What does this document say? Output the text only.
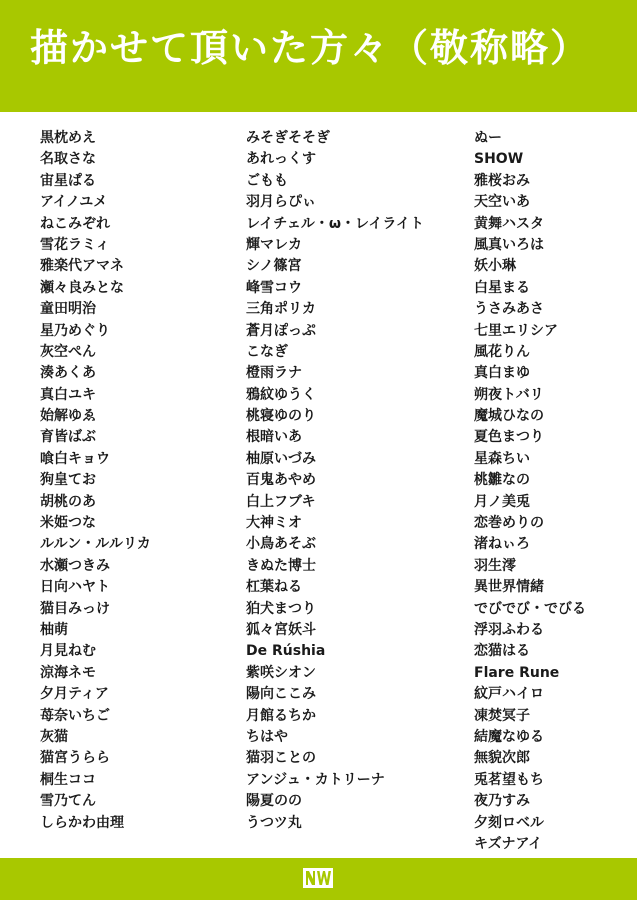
描かせて頂いた方々（敬称略）
黒枕めえ
名取さな
宙星ぱる
アイノユメ
ねこみぞれ
雪花ラミィ
雅楽代アマネ
瀬々良みとな
童田明治
星乃めぐり
灰空ぺん
湊あくあ
真白ユキ
始解ゆゑ
育皆ばぶ
喰白キョウ
狗皇てお
胡桃のあ
米姫つな
ルルン・ルルリカ
水瀬つきみ
日向ハヤト
猫目みっけ
柚萌
月見ねむ
涼海ネモ
夕月ティア
苺奈いちご
灰猫
猫宮うらら
桐生ココ
雪乃てん
しらかわ由理
みそぎそそぎ
あれっくす
ごもも
羽月らぴぃ
レイチェル・ω・レイライト
輝マレカ
シノ篠宮
峰雪コウ
三角ポリカ
蒼月ぽっぷ
こなぎ
橙雨ラナ
鴉紋ゆうく
桃寝ゆのり
根暗いあ
柚原いづみ
百鬼あやめ
白上フブキ
大神ミオ
小鳥あそぶ
きぬた博士
杠葉ねる
狛犬まつり
狐々宮妖斗
De Rúshia
紫咲シオン
陽向ここみ
月館るちか
ちはや
猫羽ことの
アンジュ・カトリーナ
陽夏のの
うつツ丸
ぬー
SHOW
雅桜おみ
天空いあ
黄舞ハスタ
風真いろは
妖小琳
白星まる
うさみあさ
七里エリシア
風花りん
真白まゆ
朔夜トバリ
魔城ひなの
夏色まつり
星森ちい
桃雛なの
月ノ美兎
恋巻めりの
渚ねぃろ
羽生澪
異世界情緒
でびでび・でびる
浮羽ふわる
恋猫はる
Flare Rune
紋戸ハイロ
凍焚冥子
結魔なゆる
無貌次郎
兎茗望もち
夜乃すみ
夕刻ロベル
キズナアイ
